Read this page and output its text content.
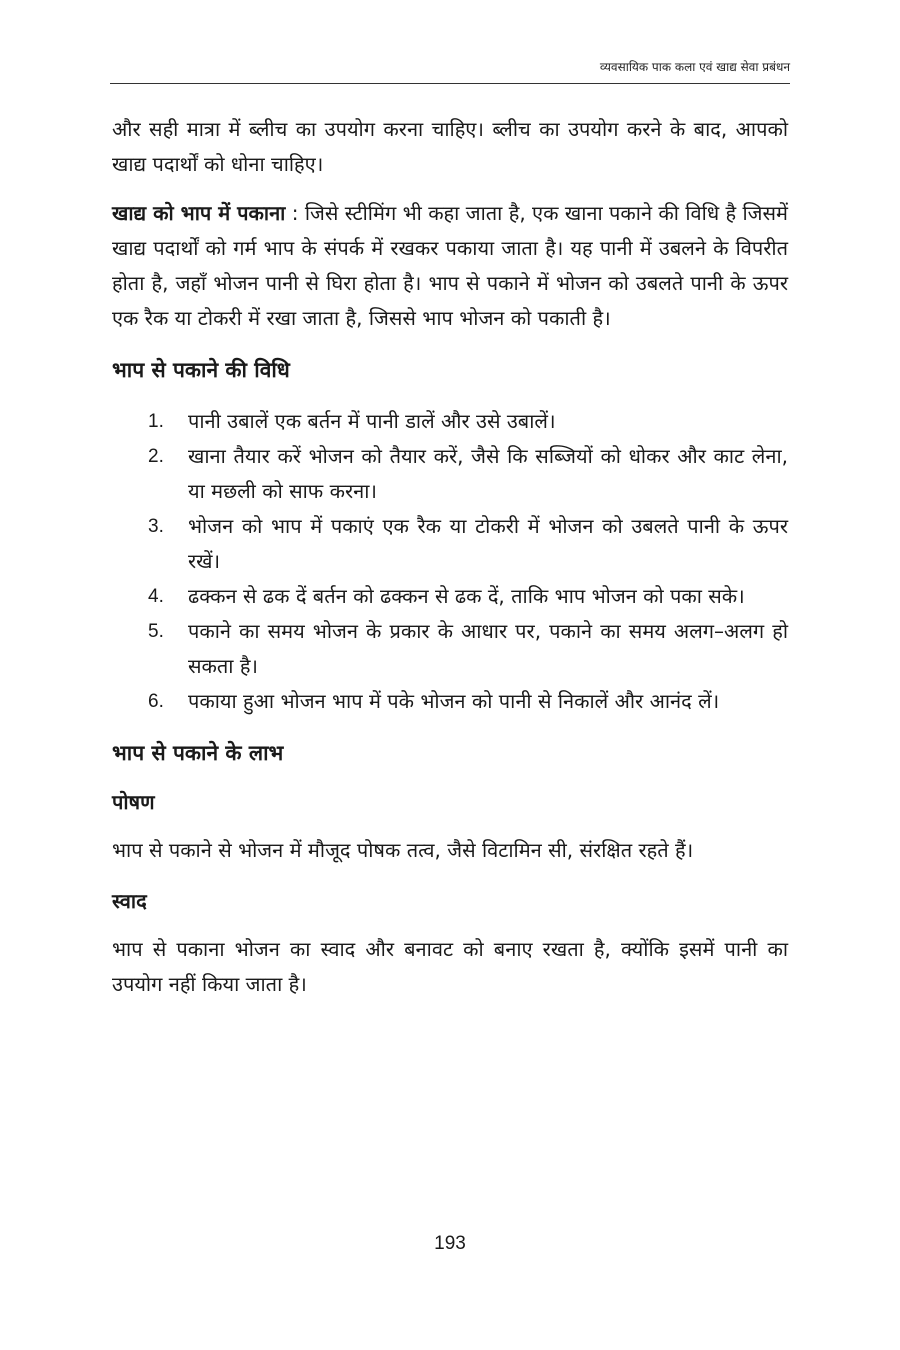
व्यवसायिक पाक कला एवं खाद्य सेवा प्रबंधन

और सही मात्रा में ब्लीच का उपयोग करना चाहिए। ब्लीच का उपयोग करने के बाद, आपको खाद्य पदार्थों को धोना चाहिए।

खाद्य को भाप में पकाना : जिसे स्टीमिंग भी कहा जाता है, एक खाना पकाने की विधि है जिसमें खाद्य पदार्थों को गर्म भाप के संपर्क में रखकर पकाया जाता है। यह पानी में उबलने के विपरीत होता है, जहाँ भोजन पानी से घिरा होता है। भाप से पकाने में भोजन को उबलते पानी के ऊपर एक रैक या टोकरी में रखा जाता है, जिससे भाप भोजन को पकाती है।

भाप से पकाने की विधि
1. पानी उबालें एक बर्तन में पानी डालें और उसे उबालें।
2. खाना तैयार करें भोजन को तैयार करें, जैसे कि सब्जियों को धोकर और काट लेना, या मछली को साफ करना।
3. भोजन को भाप में पकाएं एक रैक या टोकरी में भोजन को उबलते पानी के ऊपर रखें।
4. ढक्कन से ढक दें बर्तन को ढक्कन से ढक दें, ताकि भाप भोजन को पका सके।
5. पकाने का समय भोजन के प्रकार के आधार पर, पकाने का समय अलग–अलग हो सकता है।
6. पकाया हुआ भोजन भाप में पके भोजन को पानी से निकालें और आनंद लें।
भाप से पकाने के लाभ
पोषण

भाप से पकाने से भोजन में मौजूद पोषक तत्व, जैसे विटामिन सी, संरक्षित रहते हैं।

स्वाद

भाप से पकाना भोजन का स्वाद और बनावट को बनाए रखता है, क्योंकि इसमें पानी का उपयोग नहीं किया जाता है।

193
